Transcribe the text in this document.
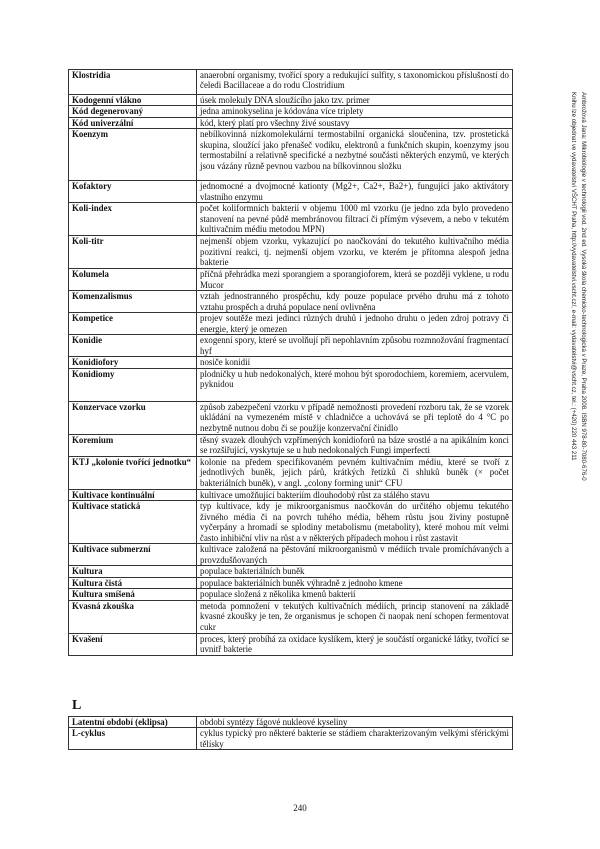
Ambrožová Jana: Mikrobiologie v technologii vod. 2nd ed. Vysoká škola chemicko-technologická v Praze, Praha 2008. ISBN 978-80-7080-676-0
Knihu lze objednat ve vydavatelství VŠCHT Praha, http://vydavatelstvi.vscht.cz/, e-mail: vydavatelstvi@vscht.cz, tel.: (+420) 220 443 211
Klostridia	anaerobní organismy, tvořící spory a redukující sulfity, s taxonomickou příslušností do čeledi Bacillaceae a do rodu Clostridium
Kodogenní vlákno	úsek molekuly DNA sloužícího jako tzv. primer
Kód degenerovaný	jedna aminokyselina je kódována více triplety
Kód univerzální	kód, který platí pro všechny živé soustavy
Koenzym	nebílkovinná nízkomolekulární termostabilní organická sloučenina, tzv. prostetická skupina, sloužící jako přenašeč vodíku, elektronů a funkčních skupin, koenzymy jsou termostabilní a relativně specifické a nezbytné součásti některých enzymů, ve kterých jsou vázány různě pevnou vazbou na bílkovinnou složku
Kofaktory	jednomocné a dvojmocné kationty (Mg2+, Ca2+, Ba2+), fungující jako aktivátory vlastního enzymu
Koli-index	počet koliformních bakterií v objemu 1000 ml vzorku (je jedno zda bylo provedeno stanovení na pevné půdě membránovou filtrací či přímým výsevem, a nebo v tekutém kultivačním médiu metodou MPN)
Koli-titr	nejmenší objem vzorku, vykazující po naočkování do tekutého kultivačního média pozitivní reakci, tj. nejmenší objem vzorku, ve kterém je přítomna alespoň jedna bakterie
Kolumela	příčná přehrádka mezi sporangiem a sporangioforem, která se později vyklene, u rodu Mucor
Komenzalismus	vztah jednostranného prospěchu, kdy pouze populace prvého druhu má z tohoto vztahu prospěch a druhá populace není ovlivněna
Kompetice	projev soutěže mezi jedinci různých druhů i jednoho druhu o jeden zdroj potravy či energie, který je omezen
Konidie	exogenní spory, které se uvolňují při nepohlavním způsobu rozmnožování fragmentací hyf
Konidiofory	nosiče konidií
Konidiomy	plodničky u hub nedokonalých, které mohou být sporodochiem, koremiem, acervulem, pyknidou
Konzervace vzorku	způsob zabezpečení vzorku v případě nemožnosti provedení rozboru tak, že se vzorek ukládání na vymezeném místě v chladničce a uchovává se při teplotě do 4 °C po nezbytně nutnou dobu či se použije konzervační činidlo
Koremium	těsný svazek dlouhých vzpřímených konidioforů na báze srostlé a na apikálním konci se rozšiřující, vyskytuje se u hub nedokonalých Fungi imperfecti
KTJ „kolonie tvořící jednotku“	kolonie na předem specifikovaném pevném kultivačním médiu, které se tvoří z jednotlivých buněk, jejich párů, krátkých řetízků či shluků buněk (× počet bakteriálních buněk), v angl. „colony forming unit“ CFU
Kultivace kontinuální	kultivace umožňující bakteriím dlouhodobý růst za stálého stavu
Kultivace statická	typ kultivace, kdy je mikroorganismus naočkován do určitého objemu tekutého živného média či na povrch tuhého média, během růstu jsou živiny postupně vyčerpány a hromadí se splodiny metabolismu (metabolity), které mohou mít velmi často inhibiční vliv na růst a v některých případech mohou i růst zastavit
Kultivace submerzní	kultivace založená na pěstování mikroorganismů v médiích trvale promíchávaných a provzdušňovaných
Kultura	populace bakteriálních buněk
Kultura čistá	populace bakteriálních buněk výhradně z jednoho kmene
Kultura smíšená	populace složená z několika kmenů bakterií
Kvasná zkouška	metoda pomnožení v tekutých kultivačních médiích, princip stanovení na základě kvasné zkoušky je ten, že organismus je schopen či naopak není schopen fermentovat cukr
Kvašení	proces, který probíhá za oxidace kyslíkem, který je součástí organické látky, tvořící se uvnitř bakterie

L

Latentní období (eklipsa)	období syntézy fágové nukleové kyseliny
L-cyklus	cyklus typický pro některé bakterie se stádiem charakterizovaným velkými sférickými tělísky
240
